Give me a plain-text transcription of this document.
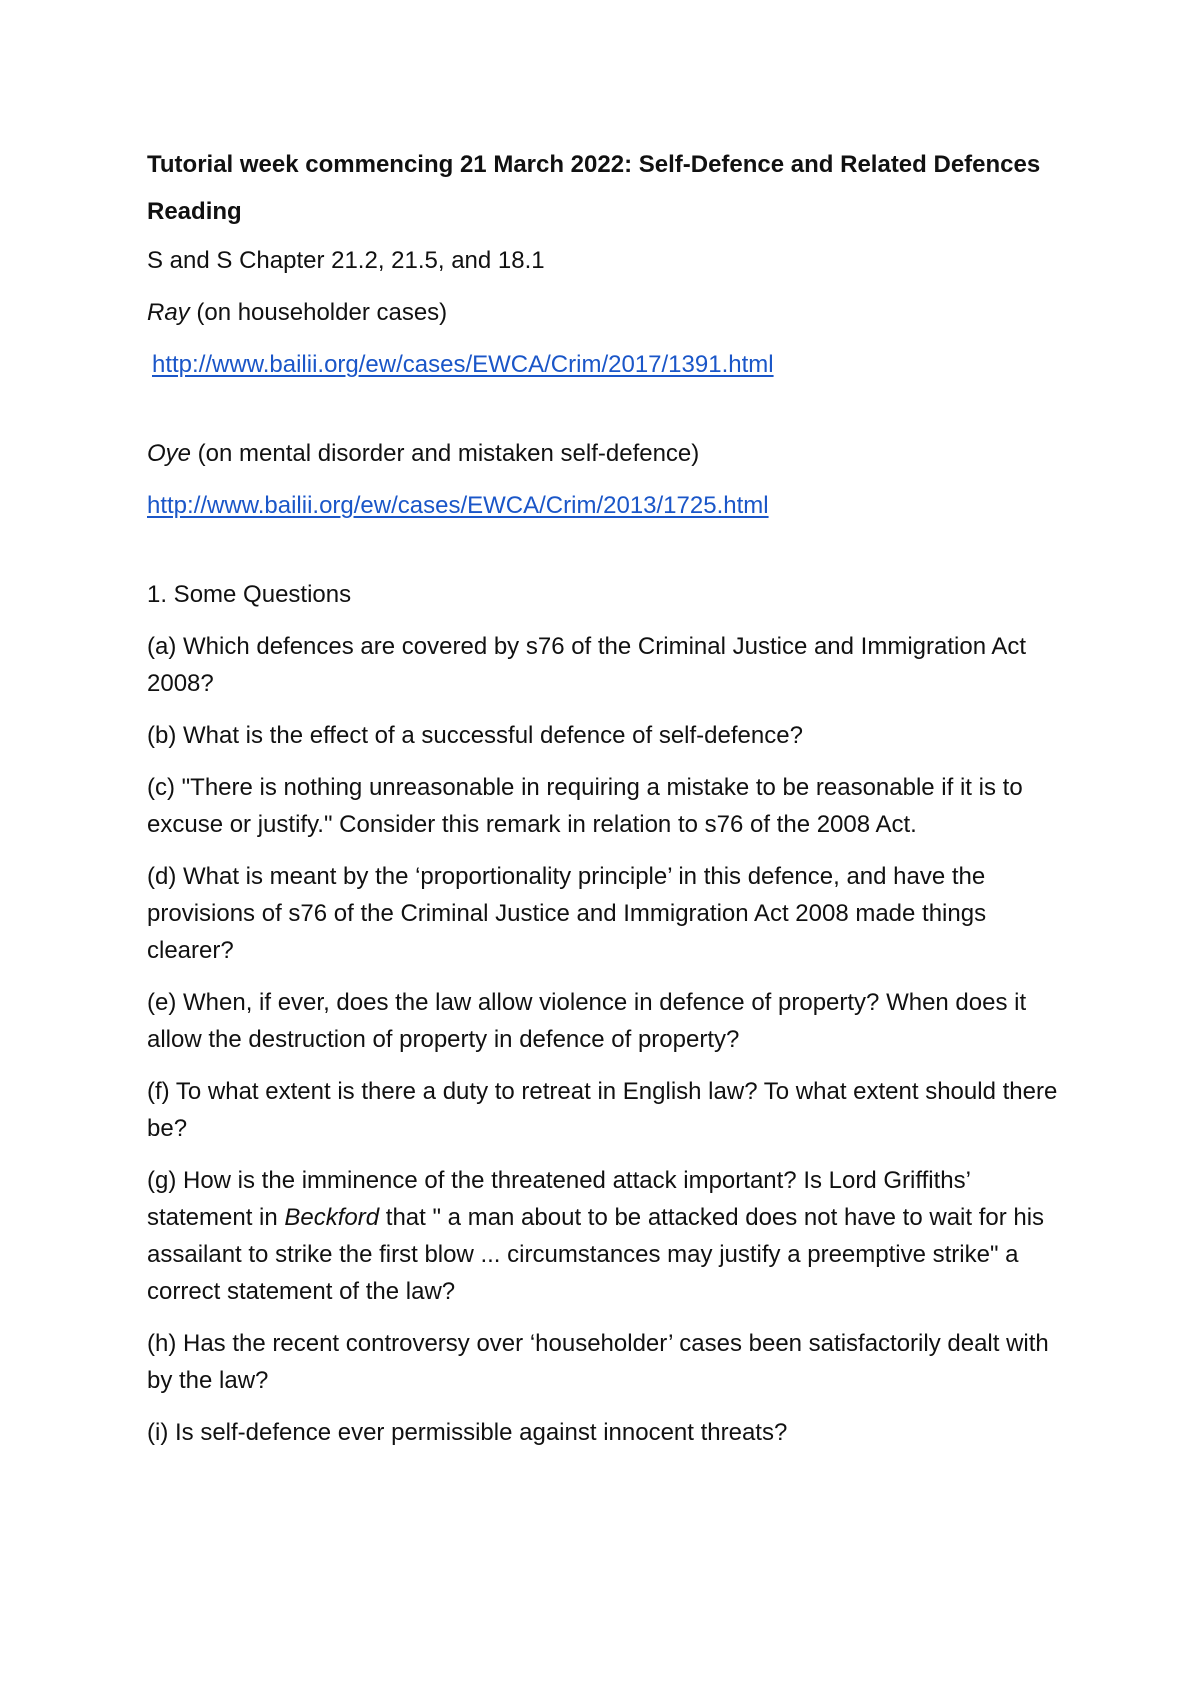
Tutorial week commencing 21 March 2022: Self-Defence and Related Defences

Reading

S and S Chapter 21.2, 21.5, and 18.1

Ray (on householder cases)

http://www.bailii.org/ew/cases/EWCA/Crim/2017/1391.html

Oye (on mental disorder and mistaken self-defence)

http://www.bailii.org/ew/cases/EWCA/Crim/2013/1725.html

1. Some Questions

(a) Which defences are covered by s76 of the Criminal Justice and Immigration Act 2008?

(b) What is the effect of a successful defence of self-defence?

(c) "There is nothing unreasonable in requiring a mistake to be reasonable if it is to excuse or justify." Consider this remark in relation to s76 of the 2008 Act.

(d) What is meant by the ‘proportionality principle’ in this defence, and have the provisions of s76 of the Criminal Justice and Immigration Act 2008 made things clearer?

(e) When, if ever, does the law allow violence in defence of property? When does it allow the destruction of property in defence of property?

(f) To what extent is there a duty to retreat in English law? To what extent should there be?

(g) How is the imminence of the threatened attack important? Is Lord Griffiths’ statement in Beckford that " a man about to be attacked does not have to wait for his assailant to strike the first blow ... circumstances may justify a preemptive strike" a correct statement of the law?

(h) Has the recent controversy over ‘householder’ cases been satisfactorily dealt with by the law?

(i) Is self-defence ever permissible against innocent threats?
